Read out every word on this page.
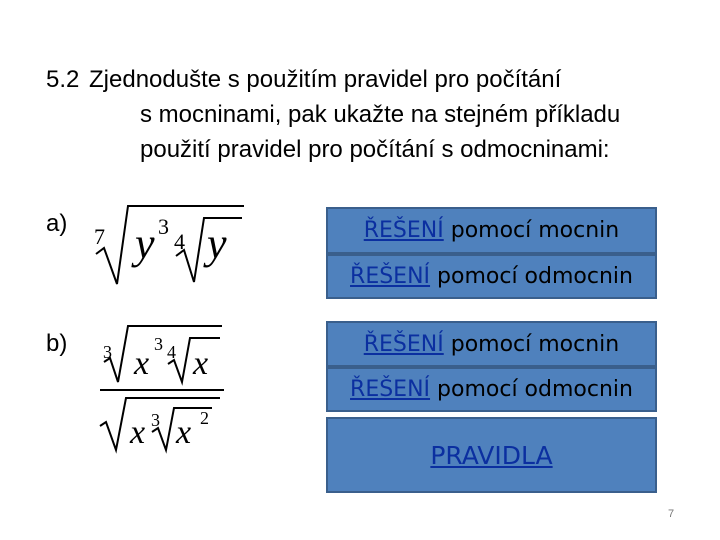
5.2 Zjednodušte s použitím pravidel pro počítání
s mocninami, pak ukažte na stejném příkladu
použití pravidel pro počítání s odmocninami:
a) 7 y 3
4 y
b) 3 x
3 4 x
x 3 x 2
ŘEŠENÍ pomocí mocnin
ŘEŠENÍ pomocí odmocnin
ŘEŠENÍ pomocí mocnin
ŘEŠENÍ pomocí odmocnin
PRAVIDLA
7
